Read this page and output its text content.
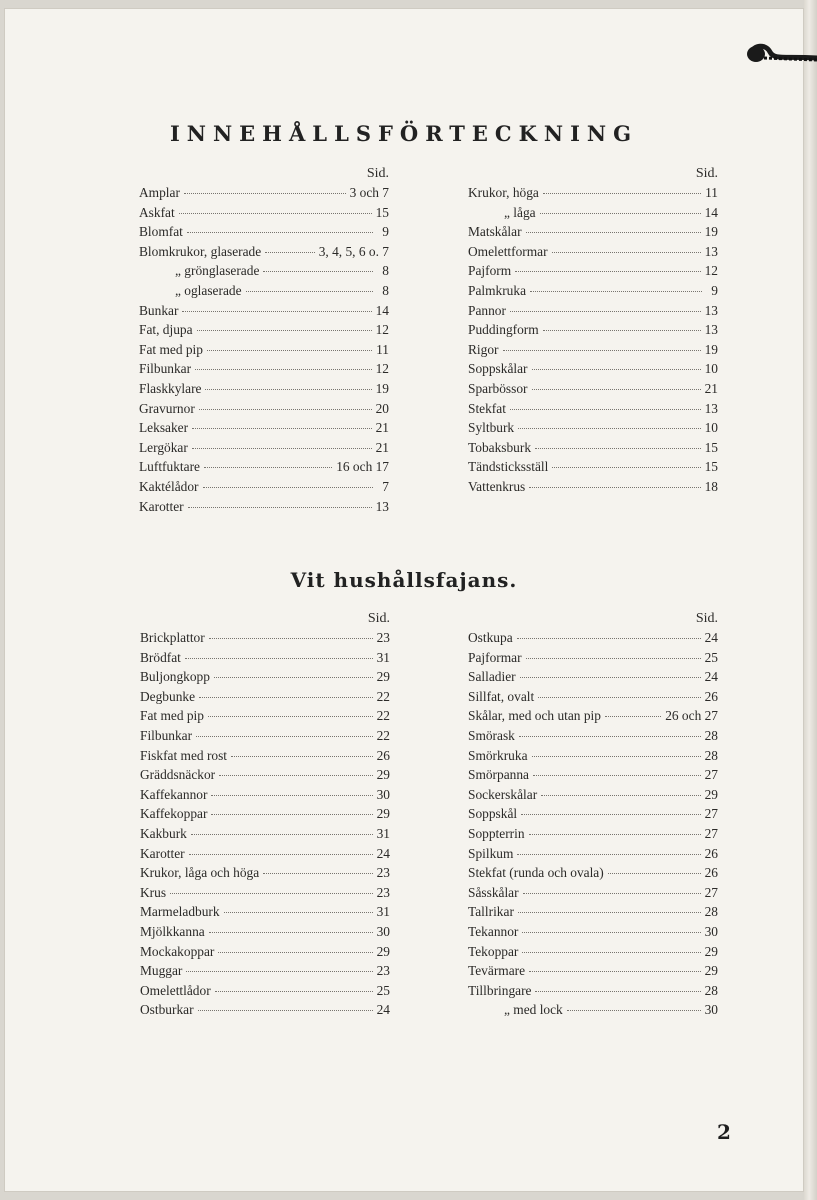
INNEHÅLLSFÖRTECKNING
Sid.
Amplar	3 och 7
Askfat	15
Blomfat	9
Blomkrukor, glaserade	3, 4, 5, 6 o. 7
„ grönglaserade	8
„ oglaserade	8
Bunkar	14
Fat, djupa	12
Fat med pip	11
Filbunkar	12
Flaskkylare	19
Gravurnor	20
Leksaker	21
Lergökar	21
Luftfuktare	16 och 17
Kaktélådor	7
Karotter	13
Sid.
Krukor, höga	11
„ låga	14
Matskålar	19
Omelettformar	13
Pajform	12
Palmkruka	9
Pannor	13
Puddingform	13
Rigor	19
Soppskålar	10
Sparbössor	21
Stekfat	13
Syltburk	10
Tobaksburk	15
Tändsticksställ	15
Vattenkrus	18
Vit hushållsfajans.
Sid.
Brickplattor	23
Brödfat	31
Buljongkopp	29
Degbunke	22
Fat med pip	22
Filbunkar	22
Fiskfat med rost	26
Gräddsnäckor	29
Kaffekannor	30
Kaffekoppar	29
Kakburk	31
Karotter	24
Krukor, låga och höga	23
Krus	23
Marmeladburk	31
Mjölkkanna	30
Mockakoppar	29
Muggar	23
Omelettlådor	25
Ostburkar	24
Sid.
Ostkupa	24
Pajformar	25
Salladier	24
Sillfat, ovalt	26
Skålar, med och utan pip	26 och 27
Smörask	28
Smörkruka	28
Smörpanna	27
Sockerskålar	29
Soppskål	27
Soppterrin	27
Spilkum	26
Stekfat (runda och ovala)	26
Såsskålar	27
Tallrikar	28
Tekannor	30
Tekoppar	29
Tevärmare	29
Tillbringare	28
„ med lock	30
2
